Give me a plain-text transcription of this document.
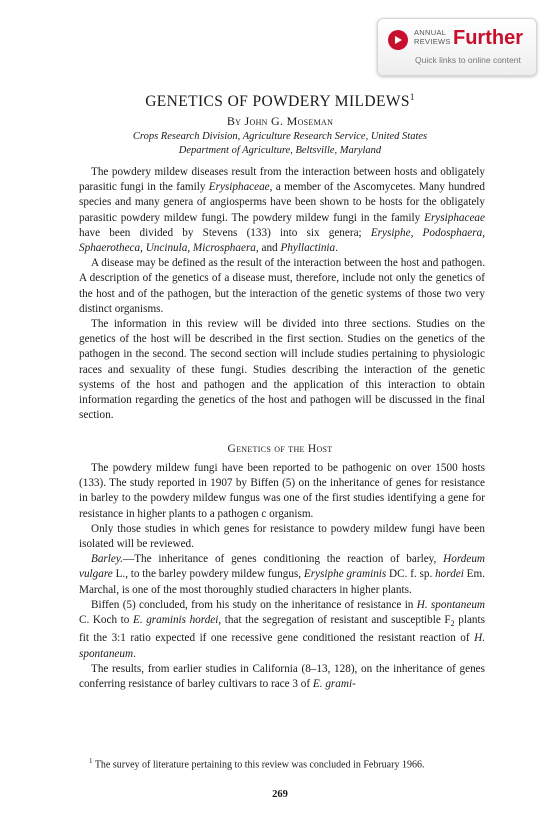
ANNUAL
REVIEWS Further
Quick links to online content
GENETICS OF POWDERY MILDEWS$^1$
By John G. Moseman
Crops Research Division, Agriculture Research Service, United States
Department of Agriculture, Beltsville, Maryland

The powdery mildew diseases result from the interaction between hosts and obligately parasitic fungi in the family Erysiphaceae, a member of the Ascomycetes. Many hundred species and many genera of angiosperms have been shown to be hosts for the obligately parasitic powdery mildew fungi. The powdery mildew fungi in the family Erysiphaceae have been divided by Stevens (133) into six genera; Erysiphe, Podosphaera, Sphaerotheca, Uncinula, Microsphaera, and Phyllactinia.

A disease may be defined as the result of the interaction between the host and pathogen. A description of the genetics of a disease must, therefore, include not only the genetics of the host and of the pathogen, but the interaction of the genetic systems of those two very distinct organisms.

The information in this review will be divided into three sections. Studies on the genetics of the host will be described in the first section. Studies on the genetics of the pathogen in the second. The second section will include studies pertaining to physiologic races and sexuality of these fungi. Studies describing the interaction of the genetic systems of the host and pathogen and the application of this interaction to obtain information regarding the genetics of the host and pathogen will be discussed in the final section.

Genetics of the Host

The powdery mildew fungi have been reported to be pathogenic on over 1500 hosts (133). The study reported in 1907 by Biffen (5) on the inheritance of genes for resistance in barley to the powdery mildew fungus was one of the first studies identifying a gene for resistance in higher plants to a pathogen c organism.

Only those studies in which genes for resistance to powdery mildew fungi have been isolated will be reviewed.

Barley.—The inheritance of genes conditioning the reaction of barley, Hordeum vulgare L., to the barley powdery mildew fungus, Erysiphe graminis DC. f. sp. hordei Em. Marchal, is one of the most thoroughly studied characters in higher plants.

Biffen (5) concluded, from his study on the inheritance of resistance in H. spontaneum C. Koch to E. graminis hordei, that the segregation of resistant and susceptible $F_2$ plants fit the 3:1 ratio expected if one recessive gene conditioned the resistant reaction of H. spontaneum.

The results, from earlier studies in California (8–13, 128), on the inheritance of genes conferring resistance of barley cultivars to race 3 of E. grami-

$^1$ The survey of literature pertaining to this review was concluded in February 1966.

269
